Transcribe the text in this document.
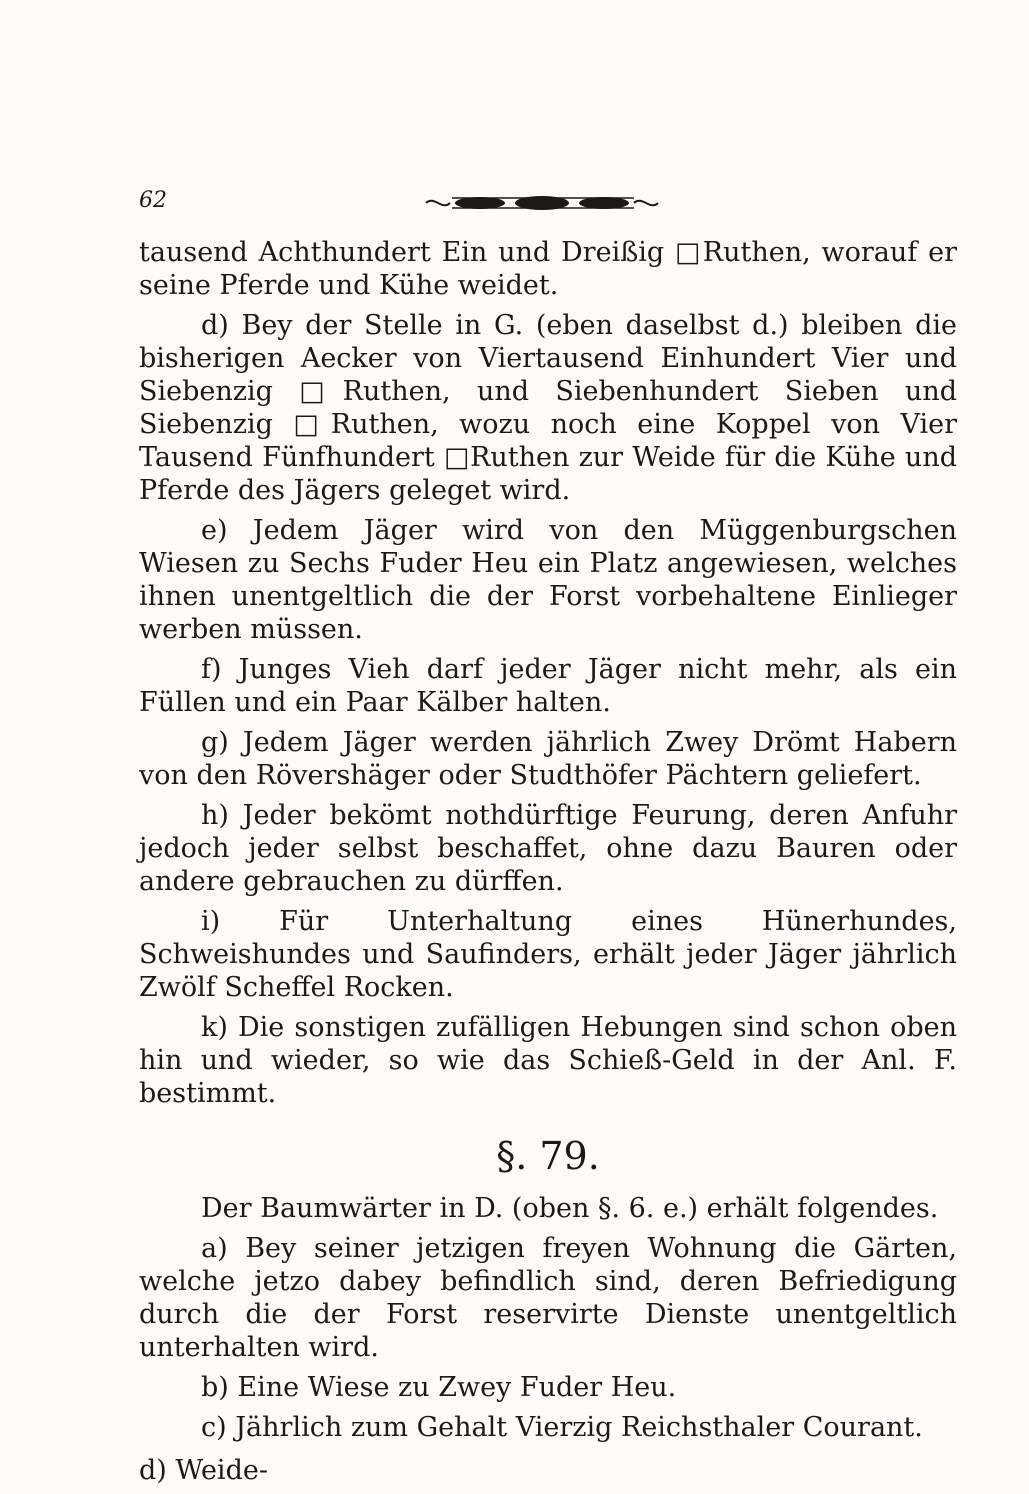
62

tausend Achthundert Ein und Dreißig □Ruthen, worauf er seine Pferde und Kühe weidet.

d) Bey der Stelle in G. (eben daselbst d.) bleiben die bisherigen Aecker von Viertausend Einhundert Vier und Siebenzig □Ruthen, und Siebenhundert Sieben und Siebenzig □Ruthen, wozu noch eine Koppel von Vier Tausend Fünfhundert □Ruthen zur Weide für die Kühe und Pferde des Jägers geleget wird.

e) Jedem Jäger wird von den Müggenburgschen Wiesen zu Sechs Fuder Heu ein Platz angewiesen, welches ihnen unentgeltlich die der Forst vorbehaltene Einlieger werben müssen.

f) Junges Vieh darf jeder Jäger nicht mehr, als ein Füllen und ein Paar Kälber halten.

g) Jedem Jäger werden jährlich Zwey Drömt Habern von den Rövershäger oder Studthöfer Pächtern geliefert.

h) Jeder bekömt nothdürftige Feurung, deren Anfuhr jedoch jeder selbst beschaffet, ohne dazu Bauren oder andere gebrauchen zu dürffen.

i) Für Unterhaltung eines Hünerhundes, Schweishundes und Saufinders, erhält jeder Jäger jährlich Zwölf Scheffel Rocken.

k) Die sonstigen zufälligen Hebungen sind schon oben hin und wieder, so wie das Schieß-Geld in der Anl. F. bestimmt.

§. 79.

Der Baumwärter in D. (oben §. 6. e.) erhält folgendes.

a) Bey seiner jetzigen freyen Wohnung die Gärten, welche jetzo dabey befindlich sind, deren Befriedigung durch die der Forst reservirte Dienste unentgeltlich unterhalten wird.

b) Eine Wiese zu Zwey Fuder Heu.

c) Jährlich zum Gehalt Vierzig Reichsthaler Courant.

d) Weide-
